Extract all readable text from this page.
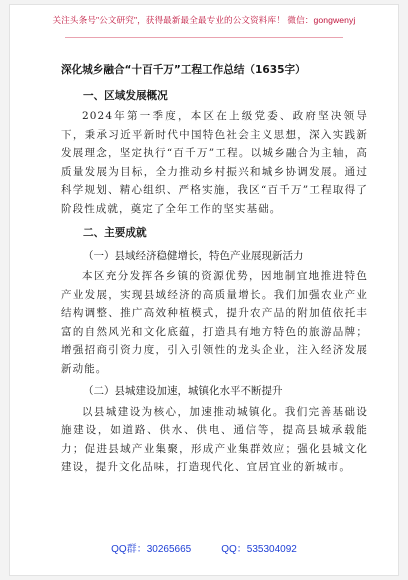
关注头条号"公文研究"，获得最新最全最专业的公文资料库！ 微信：gongwenyj
深化城乡融合“十百千万”工程工作总结（1635字）
一、区域发展概况

2024年第一季度，本区在上级党委、政府坚决领导下，秉承习近平新时代中国特色社会主义思想，深入实践新发展理念，坚定执行“百千万”工程。以城乡融合为主轴，高质量发展为目标，全力推动乡村振兴和城乡协调发展。通过科学规划、精心组织、严格实施，我区“百千万”工程取得了阶段性成就，奠定了全年工作的坚实基础。

二、主要成就
（一）县域经济稳健增长，特色产业展现新活力

本区充分发挥各乡镇的资源优势，因地制宜地推进特色产业发展，实现县域经济的高质量增长。我们加强农业产业结构调整、推广高效种植模式，提升农产品的附加值依托丰富的自然风光和文化底蕴，打造具有地方特色的旅游品牌；增强招商引资力度，引入引领性的龙头企业，注入经济发展新动能。

（二）县城建设加速，城镇化水平不断提升

以县城建设为核心，加速推动城镇化。我们完善基础设施建设，如道路、供水、供电、通信等，提高县城承载能力；促进县域产业集聚，形成产业集群效应；强化县城文化建设，提升文化品味，打造现代化、宜居宜业的新城市。

QQ群：30265665	QQ：535304092
